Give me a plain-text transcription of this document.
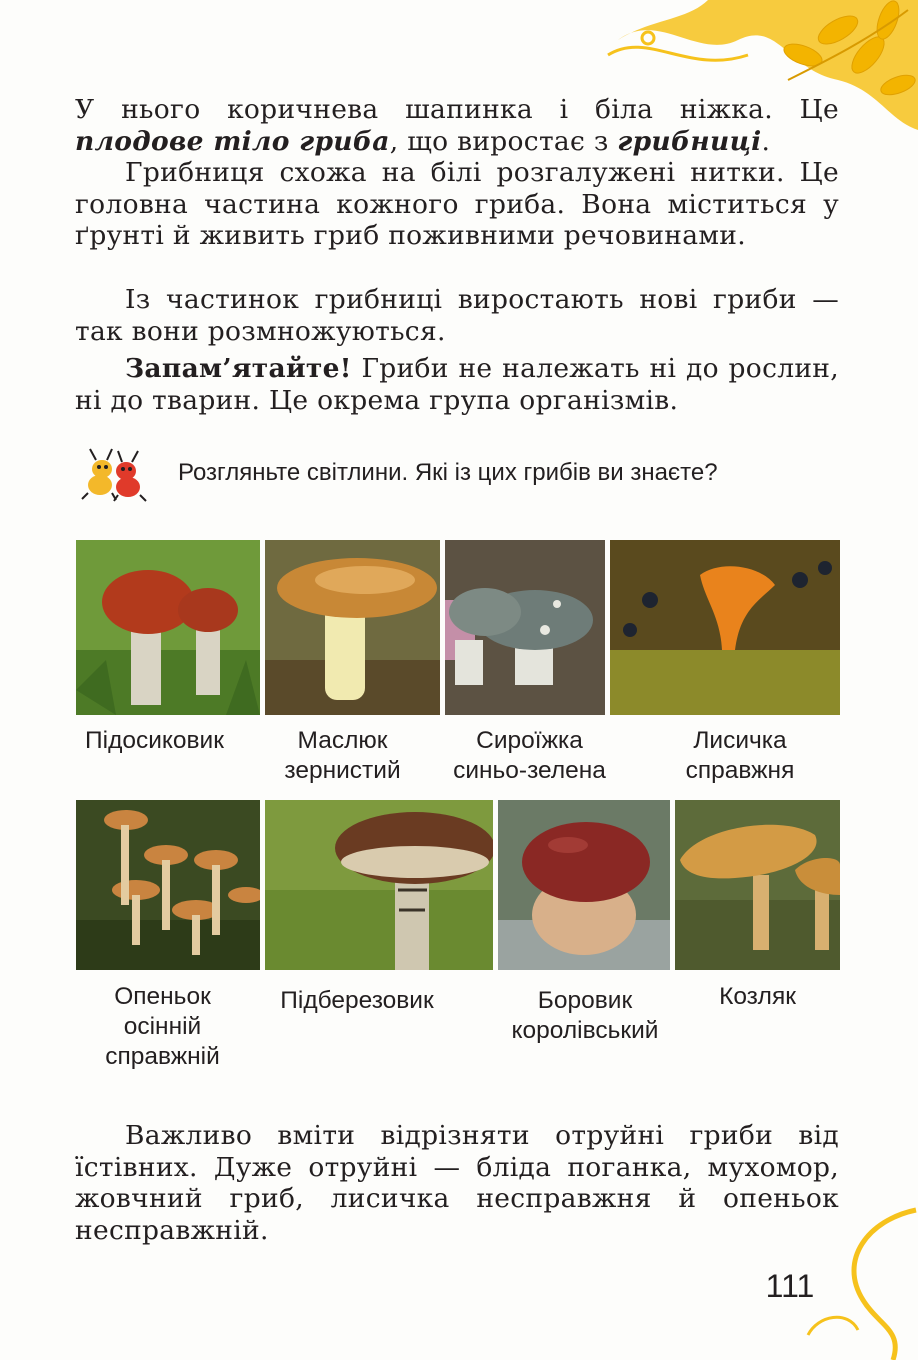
У нього коричнева шапинка і біла ніжка. Це плодове тіло гриба, що виростає з грибниці.
Грибниця схожа на білі розгалужені нитки. Це головна частина кожного гриба. Вона міститься у ґрунті й живить гриб поживними речовинами.
Із частинок грибниці виростають нові гриби — так вони розмножуються.
Запам’ятайте! Гриби не належать ні до рослин, ні до тварин. Це окрема група організмів.
Розгляньте світлини. Які із цих грибів ви знаєте?
Підосиковик	Маслюк
зернистий
Сироїжка
синьо-зелена
Лисичка
справжня
Опеньок
осінній
справжній
Підберезовик	Боровик
королівський
Козляк
Важливо вміти відрізняти отруйні гриби від їстівних. Дуже отруйні — бліда поганка, мухомор, жовчний гриб, лисичка несправжня й опеньок несправжній.
111
